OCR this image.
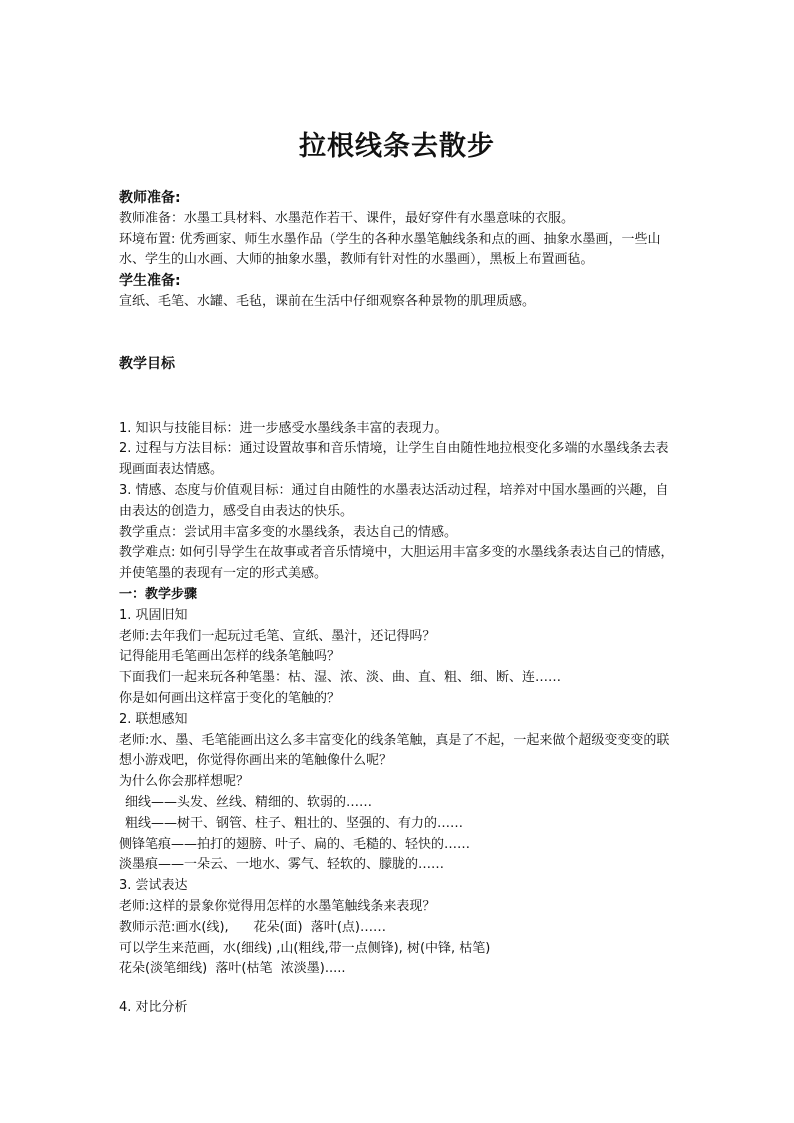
拉根线条去散步

教师准备:

教师准备：水墨工具材料、水墨范作若干、课件，最好穿件有水墨意味的衣服。

环境布置: 优秀画家、师生水墨作品（学生的各种水墨笔触线条和点的画、抽象水墨画，一些山水、学生的山水画、大师的抽象水墨，教师有针对性的水墨画），黑板上布置画毡。

学生准备:

宣纸、毛笔、水罐、毛毡，课前在生活中仔细观察各种景物的肌理质感。

教学目标

1. 知识与技能目标：进一步感受水墨线条丰富的表现力。

2. 过程与方法目标：通过设置故事和音乐情境，让学生自由随性地拉根变化多端的水墨线条去表现画面表达情感。

3. 情感、态度与价值观目标：通过自由随性的水墨表达活动过程，培养对中国水墨画的兴趣，自由表达的创造力，感受自由表达的快乐。

教学重点：尝试用丰富多变的水墨线条，表达自己的情感。

教学难点: 如何引导学生在故事或者音乐情境中，大胆运用丰富多变的水墨线条表达自己的情感，并使笔墨的表现有一定的形式美感。

一：教学步骤

1. 巩固旧知

老师:去年我们一起玩过毛笔、宣纸、墨汁，还记得吗？

记得能用毛笔画出怎样的线条笔触吗？

下面我们一起来玩各种笔墨：枯、湿、浓、淡、曲、直、粗、细、断、连……

你是如何画出这样富于变化的笔触的？

2. 联想感知

老师:水、墨、毛笔能画出这么多丰富变化的线条笔触，真是了不起，一起来做个超级变变变的联想小游戏吧，你觉得你画出来的笔触像什么呢？

为什么你会那样想呢？

细线——头发、丝线、精细的、软弱的……

粗线——树干、钢管、柱子、粗壮的、坚强的、有力的……

侧锋笔痕——拍打的翅膀、叶子、扁的、毛糙的、轻快的……

淡墨痕——一朵云、一地水、雾气、轻软的、朦胧的……

3. 尝试表达

老师:这样的景象你觉得用怎样的水墨笔触线条来表现？

教师示范:画水(线),      花朵(面)  落叶(点)……

可以学生来范画，水(细线) ,山(粗线,带一点侧锋), 树(中锋, 枯笔)

花朵(淡笔细线)  落叶(枯笔  浓淡墨).....

4. 对比分析
